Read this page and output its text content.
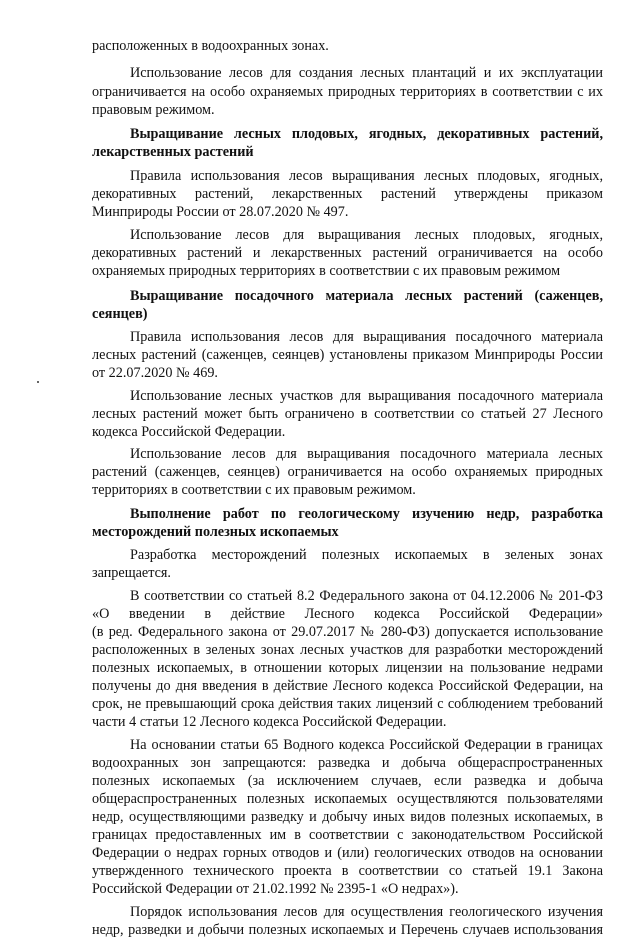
расположенных в водоохранных зонах.
Использование лесов для создания лесных плантаций и их эксплуатации
ограничивается на особо охраняемых природных территориях в соответствии с их
правовым режимом.
Выращивание лесных плодовых, ягодных, декоративных растений,
лекарственных растений
Правила использования лесов выращивания лесных плодовых, ягодных,
декоративных растений, лекарственных растений утверждены приказом
Минприроды России от 28.07.2020 № 497.
Использование лесов для выращивания лесных плодовых, ягодных,
декоративных растений и лекарственных растений ограничивается на особо
охраняемых природных территориях в соответствии с их правовым режимом
Выращивание посадочного материала лесных растений (саженцев,
сеянцев)
Правила использования лесов для выращивания посадочного материала
лесных растений (саженцев, сеянцев) установлены приказом Минприроды России
от 22.07.2020 № 469.
Использование лесных участков для выращивания посадочного материала
лесных растений может быть ограничено в соответствии со статьей 27 Лесного
кодекса Российской Федерации.
Использование лесов для выращивания посадочного материала лесных
растений (саженцев, сеянцев) ограничивается на особо охраняемых природных
территориях в соответствии с их правовым режимом.
Выполнение работ по геологическому изучению недр, разработка
месторождений полезных ископаемых
Разработка месторождений полезных ископаемых в зеленых зонах
запрещается.
В соответствии со статьей 8.2 Федерального закона от 04.12.2006 № 201-ФЗ
«О введении в действие Лесного кодекса Российской Федерации»
(в ред. Федерального закона от 29.07.2017 № 280-ФЗ) допускается использование
расположенных в зеленых зонах лесных участков для разработки месторождений
полезных ископаемых, в отношении которых лицензии на пользование недрами
получены до дня введения в действие Лесного кодекса Российской Федерации, на
срок, не превышающий срока действия таких лицензий с соблюдением требований
части 4 статьи 12 Лесного кодекса Российской Федерации.
На основании статьи 65 Водного кодекса Российской Федерации в границах
водоохранных зон запрещаются: разведка и добыча общераспространенных
полезных ископаемых (за исключением случаев, если разведка и добыча
общераспространенных полезных ископаемых осуществляются пользователями
недр, осуществляющими разведку и добычу иных видов полезных ископаемых, в
границах предоставленных им в соответствии с законодательством Российской
Федерации о недрах горных отводов и (или) геологических отводов на основании
утвержденного технического проекта в соответствии со статьей 19.1 Закона
Российской Федерации от 21.02.1992 № 2395-1 «О недрах»).
Порядок использования лесов для осуществления геологического изучения
недр, разведки и добычи полезных ископаемых и Перечень случаев использования
